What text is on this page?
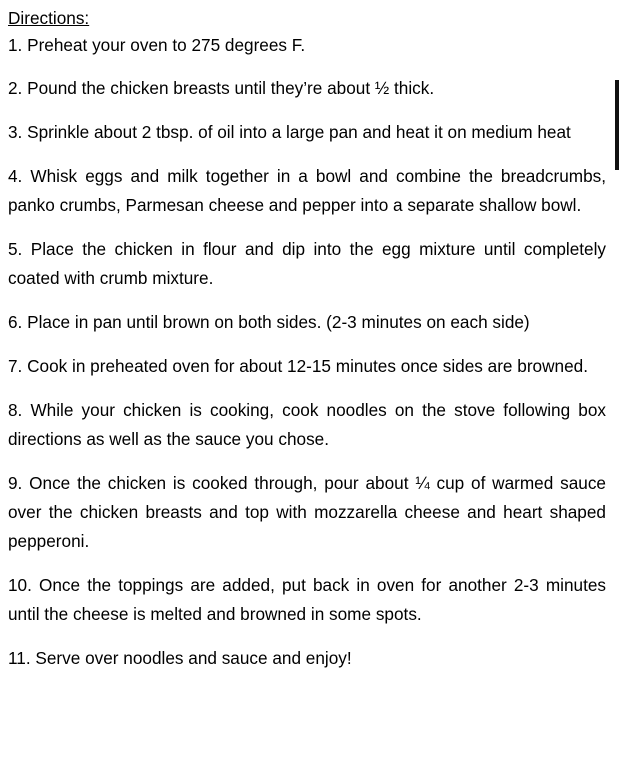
Directions:

1. Preheat your oven to 275 degrees F.

2. Pound the chicken breasts until they’re about ½ thick.

3. Sprinkle about 2 tbsp. of oil into a large pan and heat it on medium heat

4. Whisk eggs and milk together in a bowl and combine the breadcrumbs, panko crumbs, Parmesan cheese and pepper into a separate shallow bowl.

5. Place the chicken in flour and dip into the egg mixture until completely coated with crumb mixture.

6. Place in pan until brown on both sides. (2-3 minutes on each side)

7. Cook in preheated oven for about 12-15 minutes once sides are browned.

8. While your chicken is cooking, cook noodles on the stove following box directions as well as the sauce you chose.

9. Once the chicken is cooked through, pour about ¼ cup of warmed sauce over the chicken breasts and top with mozzarella cheese and heart shaped pepperoni.

10. Once the toppings are added, put back in oven for another 2-3 minutes until the cheese is melted and browned in some spots.

11. Serve over noodles and sauce and enjoy!
